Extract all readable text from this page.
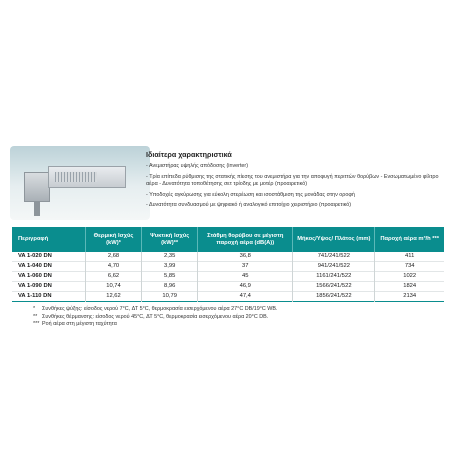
Ιδιαίτερα χαρακτηριστικά
- Ανεμιστήρας υψηλής απόδοσης (inverter)
- Τρία επίπεδα ρύθμισης της στατικής πίεσης του ανεμιστήρα για την αποφυγή περιττών θορύβων - Ενσωματωμένο φίλτρο αέρα - Δυνατότητα τοποθέτησης σετ τρίοδης με μοτέρ (προαιρετικό)
- Υποδοχές αγκύρωσης για εύκολη στερέωση και ισοστάθμιση της μονάδας στην οροφή
- Δυνατότητα συνδυασμού με ψηφιακό ή αναλογικό επιτοίχιο χειριστήριο (προαιρετικό)
Περιγραφή	Θερμική Ισχύς (kW)*	Ψυκτική Ισχύς (kW)**	Στάθμη θορύβου σε μέγιστη παροχή αέρα (dB(A))	Μήκος/Υψος/ Πλάτος (mm)	Παροχή αέρα m³/h ***
VA 1-020 DN	2,68	2,35	36,8	741/241/522	411
VA 1-040 DN	4,70	3,99	37	941/241/522	734
VA 1-060 DN	6,62	5,85	45	1161/241/522	1022
VA 1-090 DN	10,74	8,96	46,9	1566/241/522	1824
VA 1-110 DN	12,62	10,79	47,4	1856/241/522	2134
*	Συνθήκες ψύξης: είσοδος νερού 7°C, ΔΤ 5°C, θερμοκρασία εισερχόμενου αέρα 27°C DB/19°C WB.
** Συνθήκες θέρμανσης: είσοδος νερού 45°C, ΔΤ 5°C, θερμοκρασία εισερχόμενου αέρα 20°C DB.
*** Ροή αέρα στη μέγιστη ταχύτητα
